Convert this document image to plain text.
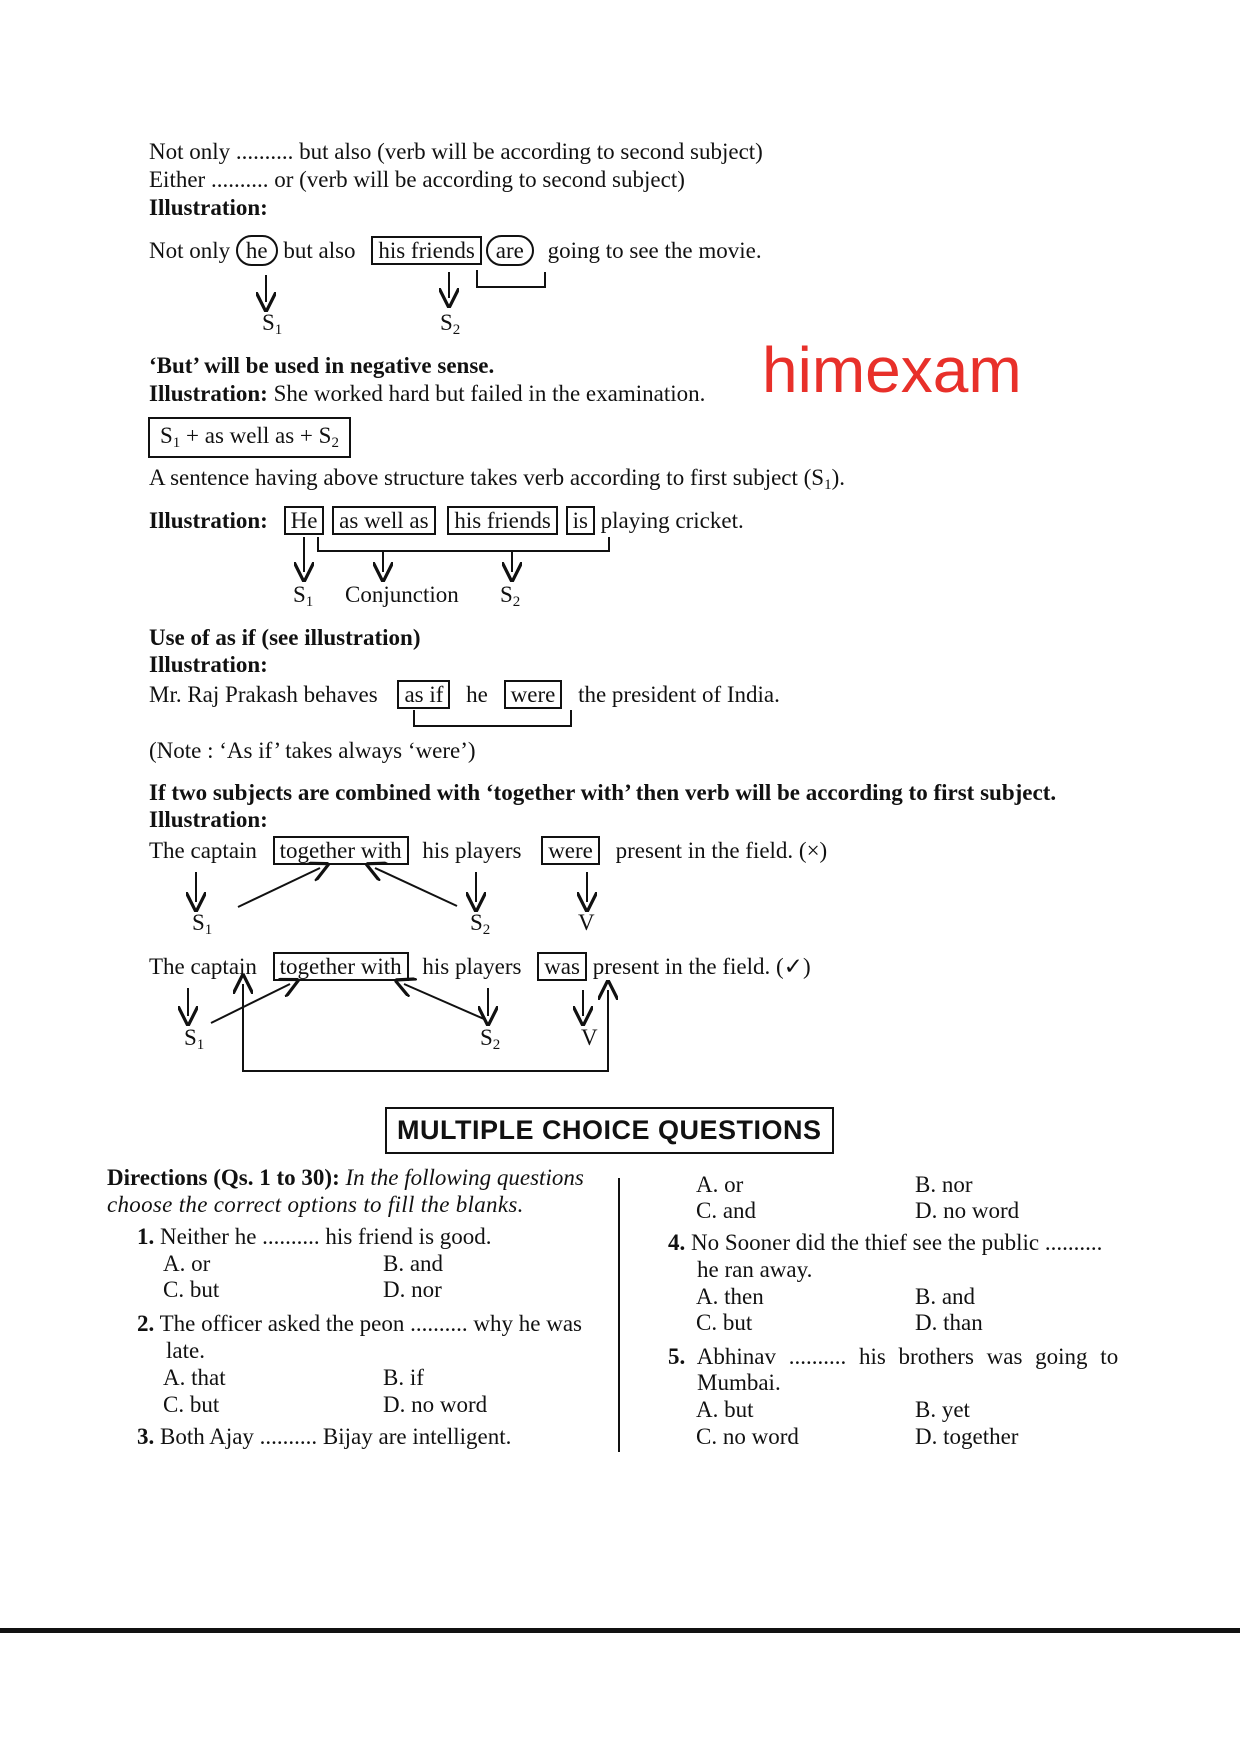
Not only .......... but also (verb will be according to second subject)
Either .......... or (verb will be according to second subject)
Illustration:
Not only he but also his friends are going to see the movie.
$S_1$	$S_2$
‘But’ will be used in negative sense.
Illustration: She worked hard but failed in the examination. himexam
$S_1$ + as well as + $S_2$
A sentence having above structure takes verb according to first subject $(S_1)$.
Illustration: He as well as his friends is playing cricket.
$S_1$ Conjunction $S_2$
Use of as if (see illustration)
Illustration:
Mr. Raj Prakash behaves as if he were the president of India.
(Note : ‘As if’ takes always ‘were’)
If two subjects are combined with ‘together with’ then verb will be according to first subject.
Illustration:
The captain together with his players were present in the field. (×)
$S_1$	$S_2$	V
The captain together with his players was present in the field. (✓)
$S_1$	$S_2$	V
MULTIPLE CHOICE QUESTIONS
Directions (Qs. 1 to 30): In the following questions
choose the correct options to fill the blanks.
1. Neither he .......... his friend is good.
A. or	B. and
C. but	D. nor
2. The officer asked the peon .......... why he was
late.
A. that	B. if
C. but	D. no word
3. Both Ajay .......... Bijay are intelligent.
A. or	B. nor
C. and	D. no word
4. No Sooner did the thief see the public ..........
he ran away.
A. then	B. and
C. but	D. than
5. Abhinav .......... his brothers was going to
Mumbai.
A. but	B. yet
C. no word	D. together
